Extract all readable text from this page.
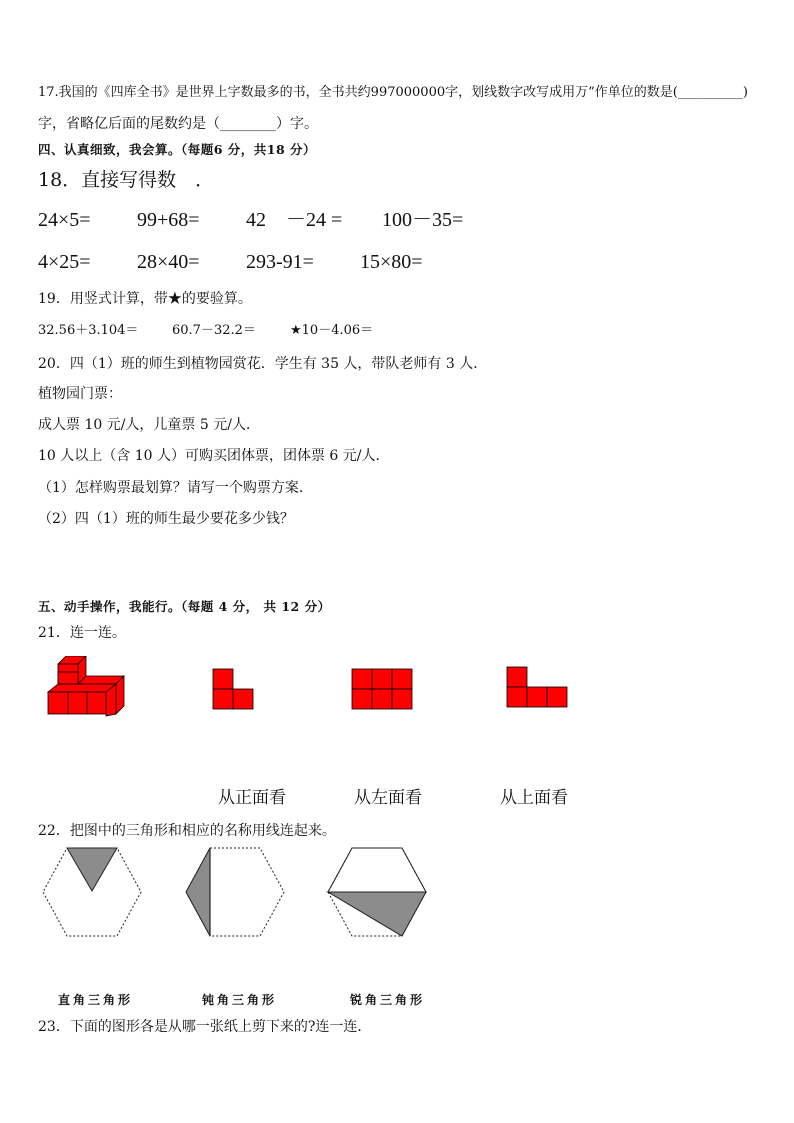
17.我国的《四库全书》是世界上字数最多的书，全书共约997000000字，划线数字改写成用万”作单位的数是(__________)
字，省略亿后面的尾数约是（________）字。
四、认真细致，我会算。（每题6 分，共18 分）
18．直接写得数　．
24×5= 99+68= 42　－24 = 100－35=
4×25= 28×40= 293-91= 15×80=
19．用竖式计算，带★的要验算。
32.56＋3.104＝	60.7－32.2＝	★10－4.06＝
20．四（1）班的师生到植物园赏花．学生有 35 人，带队老师有 3 人．
植物园门票：
成人票 10 元/人，儿童票 5 元/人．
10 人以上（含 10 人）可购买团体票，团体票 6 元/人．
（1）怎样购票最划算？请写一个购票方案．
（2）四（1）班的师生最少要花多少钱？
五、动手操作，我能行。（每题 4 分， 共 12 分）
21．连一连。
从正面看	从左面看	从上面看
22．把图中的三角形和相应的名称用线连起来。
直角三角形	钝角三角形	锐角三角形
23．下面的图形各是从哪一张纸上剪下来的?连一连．
